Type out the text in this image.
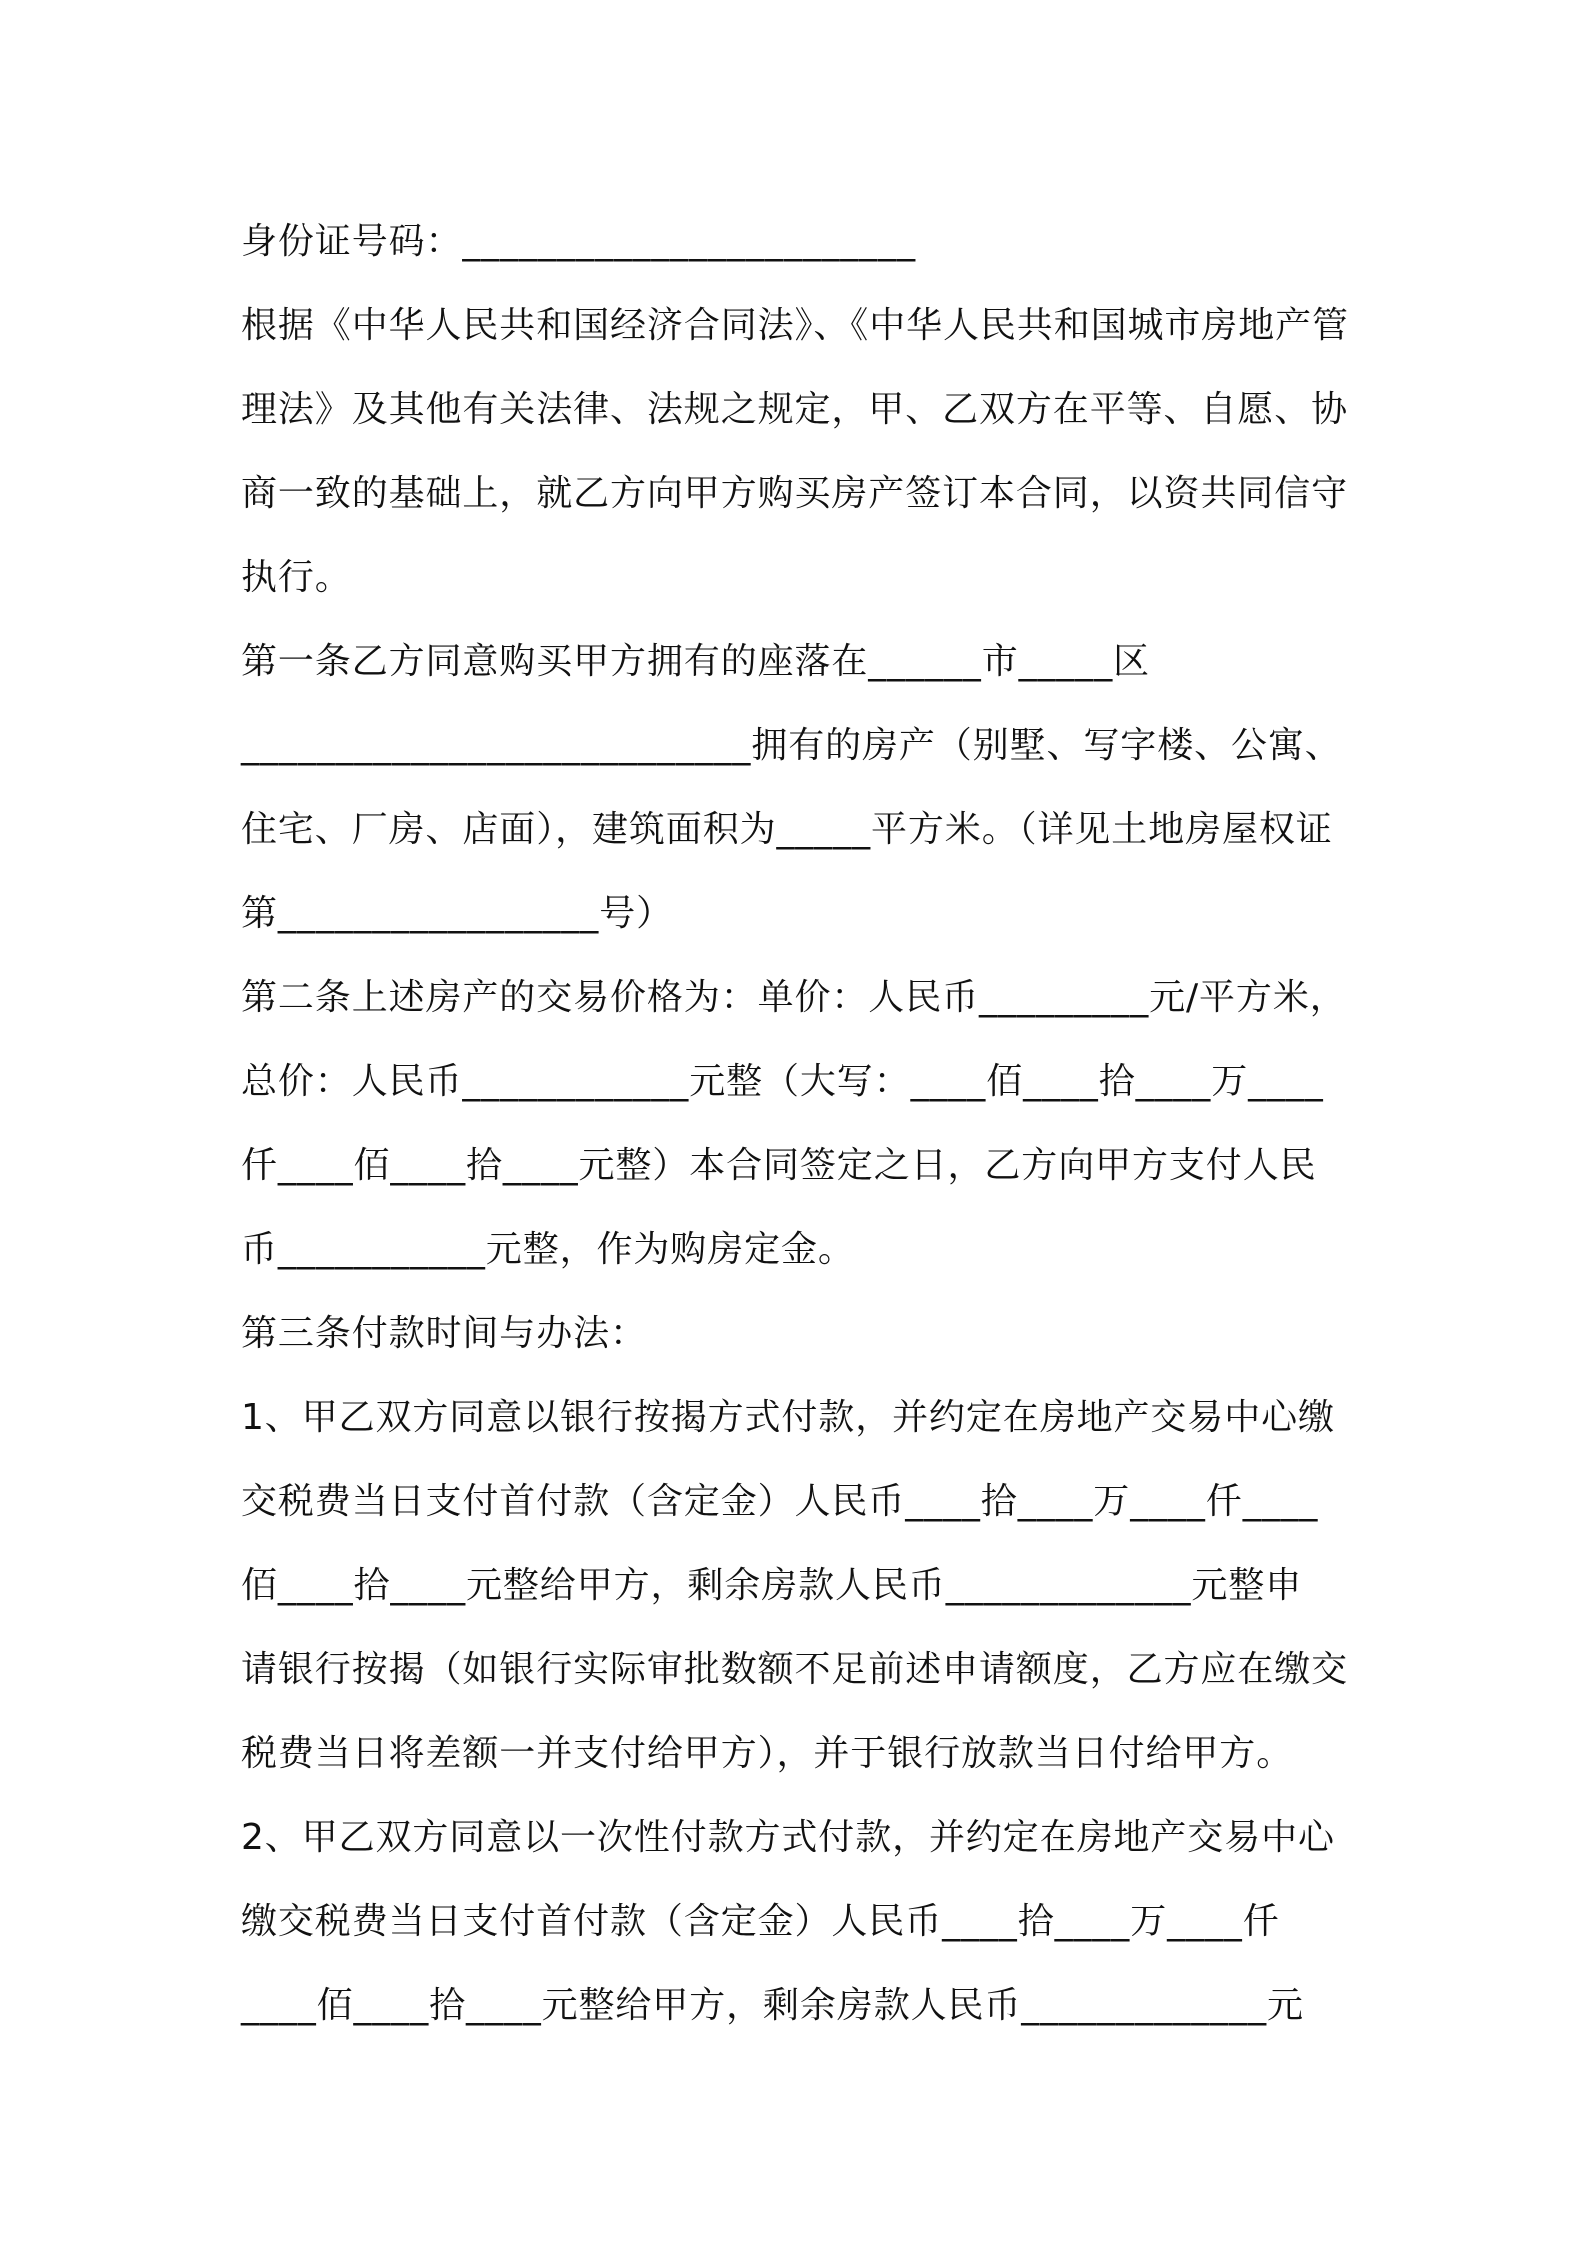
身份证号码：________________________
根据《中华人民共和国经济合同法》、《中华人民共和国城市房地产管
理法》及其他有关法律、法规之规定，甲、乙双方在平等、自愿、协
商一致的基础上，就乙方向甲方购买房产签订本合同，以资共同信守
执行。
第一条乙方同意购买甲方拥有的座落在______市_____区
___________________________拥有的房产（别墅、写字楼、公寓、
住宅、厂房、店面），建筑面积为_____平方米。（详见土地房屋权证
第_________________号）
第二条上述房产的交易价格为：单价：人民币_________元/平方米，
总价：人民币____________元整（大写：____佰____拾____万____
仟____佰____拾____元整）本合同签定之日，乙方向甲方支付人民
币___________元整，作为购房定金。
第三条付款时间与办法：
1、甲乙双方同意以银行按揭方式付款，并约定在房地产交易中心缴
交税费当日支付首付款（含定金）人民币____拾____万____仟____
佰____拾____元整给甲方，剩余房款人民币_____________元整申
请银行按揭（如银行实际审批数额不足前述申请额度，乙方应在缴交
税费当日将差额一并支付给甲方），并于银行放款当日付给甲方。
2、甲乙双方同意以一次性付款方式付款，并约定在房地产交易中心
缴交税费当日支付首付款（含定金）人民币____拾____万____仟
____佰____拾____元整给甲方，剩余房款人民币_____________元
